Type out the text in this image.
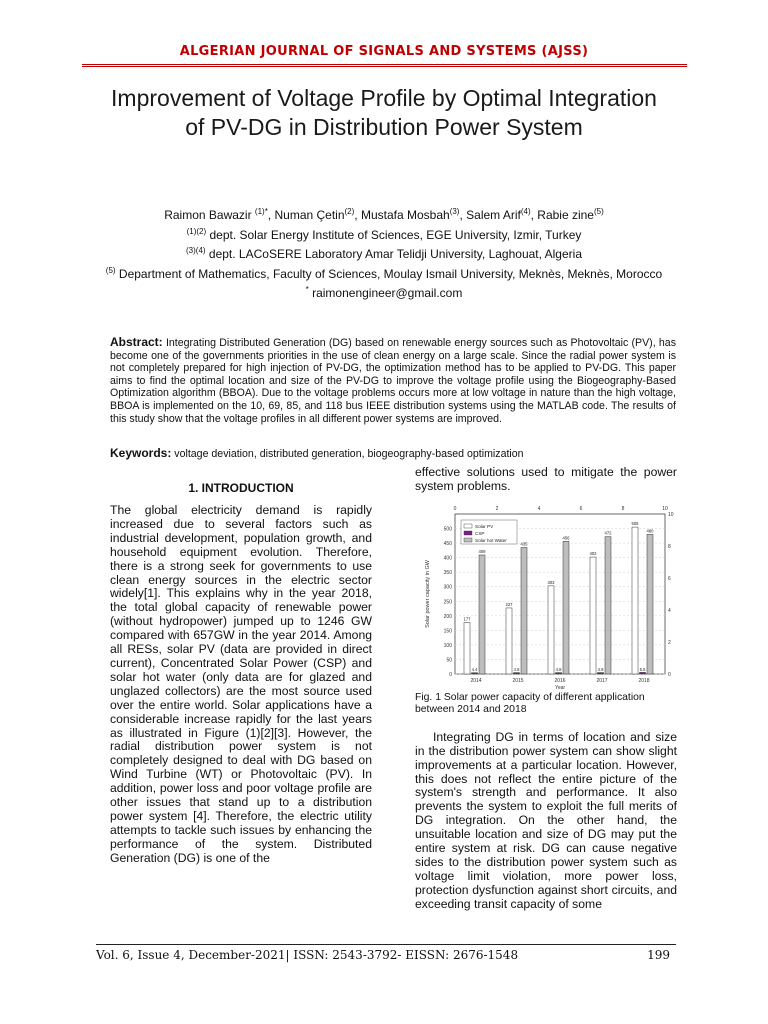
ALGERIAN JOURNAL OF SIGNALS AND SYSTEMS (AJSS)
Improvement of Voltage Profile by Optimal Integration of PV-DG in Distribution Power System
Raimon Bawazir $^{(1)*}$, Numan Çetin$^{(2)}$, Mustafa Mosbah$^{(3)}$, Salem Arif$^{(4)}$, Rabie zine$^{(5)}$
$^{(1)(2)}$ dept. Solar Energy Institute of Sciences, EGE University, Izmir, Turkey
$^{(3)(4)}$ dept. LACoSERE Laboratory Amar Telidji University, Laghouat, Algeria
$^{(5)}$ Department of Mathematics, Faculty of Sciences, Moulay Ismail University, Meknès, Meknès, Morocco
* raimonengineer@gmail.com
Abstract: Integrating Distributed Generation (DG) based on renewable energy sources such as Photovoltaic (PV), has become one of the governments priorities in the use of clean energy on a large scale. Since the radial power system is not completely prepared for high injection of PV-DG, the optimization method has to be applied to PV-DG. This paper aims to find the optimal location and size of the PV-DG to improve the voltage profile using the Biogeography-Based Optimization algorithm (BBOA). Due to the voltage problems occurs more at low voltage in nature than the high voltage, BBOA is implemented on the 10, 69, 85, and 118 bus IEEE distribution systems using the MATLAB code. The results of this study show that the voltage profiles in all different power systems are improved.
Keywords: voltage deviation, distributed generation, biogeography-based optimization
1. INTRODUCTION
The global electricity demand is rapidly increased due to several factors such as industrial development, population growth, and household equipment evolution. Therefore, there is a strong seek for governments to use clean energy sources in the electric sector widely[1]. This explains why in the year 2018, the total global capacity of renewable power (without hydropower) jumped up to 1246 GW compared with 657GW in the year 2014. Among all RESs, solar PV (data are provided in direct current), Concentrated Solar Power (CSP) and solar hot water (only data are for glazed and unglazed collectors) are the most source used over the entire world. Solar applications have a considerable increase rapidly for the last years as illustrated in Figure (1)[2][3]. However, the radial distribution power system is not completely designed to deal with DG based on Wind Turbine (WT) or Photovoltaic (PV). In addition, power loss and poor voltage profile are other issues that stand up to a distribution power system [4]. Therefore, the electric utility attempts to tackle such issues by enhancing the performance of the system. Distributed Generation (DG) is one of the
effective solutions used to mitigate the power system problems.
0
50
100
150
200
250
300
350
400
450
500
0	2	4	6	8	10
0
2
4
6
8
10
177
4.4
409
2014
227
4.8
435
2015
303
4.8
456
2016
402
4.9
472
2017
505
5.5
480
2018
Year
Solar power capacity in GW
Solar PV
CSP
Solar hot Water
Fig. 1 Solar power capacity of different application between 2014 and 2018
Integrating DG in terms of location and size in the distribution power system can show slight improvements at a particular location. However, this does not reflect the entire picture of the system's strength and performance. It also prevents the system to exploit the full merits of DG integration. On the other hand, the unsuitable location and size of DG may put the entire system at risk. DG can cause negative sides to the distribution power system such as voltage limit violation, more power loss, protection dysfunction against short circuits, and exceeding transit capacity of some
Vol. 6, Issue 4, December-2021| ISSN: 2543-3792- EISSN: 2676-1548	199
